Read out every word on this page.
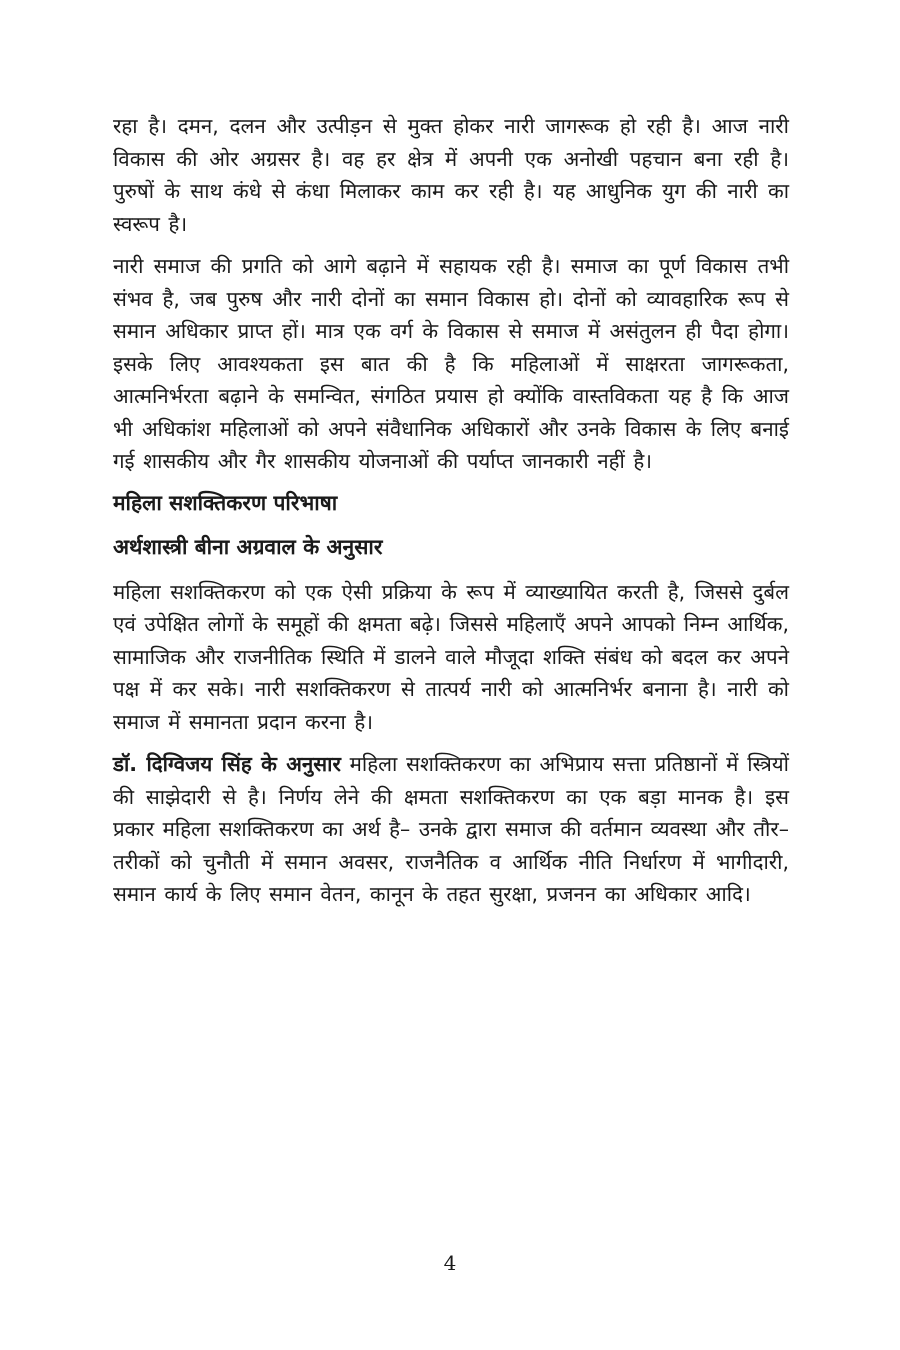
रहा है। दमन, दलन और उत्पीड़न से मुक्त होकर नारी जागरूक हो रही है। आज नारी विकास की ओर अग्रसर है। वह हर क्षेत्र में अपनी एक अनोखी पहचान बना रही है। पुरुषों के साथ कंधे से कंधा मिलाकर काम कर रही है। यह आधुनिक युग की नारी का स्वरूप है।

नारी समाज की प्रगति को आगे बढ़ाने में सहायक रही है। समाज का पूर्ण विकास तभी संभव है, जब पुरुष और नारी दोनों का समान विकास हो। दोनों को व्यावहारिक रूप से समान अधिकार प्राप्त हों। मात्र एक वर्ग के विकास से समाज में असंतुलन ही पैदा होगा। इसके लिए आवश्यकता इस बात की है कि महिलाओं में साक्षरता जागरूकता, आत्मनिर्भरता बढ़ाने के समन्वित, संगठित प्रयास हो क्योंकि वास्तविकता यह है कि आज भी अधिकांश महिलाओं को अपने संवैधानिक अधिकारों और उनके विकास के लिए बनाई गई शासकीय और गैर शासकीय योजनाओं की पर्याप्त जानकारी नहीं है।

महिला सशक्तिकरण परिभाषा
अर्थशास्त्री बीना अग्रवाल के अनुसार

महिला सशक्तिकरण को एक ऐसी प्रक्रिया के रूप में व्याख्यायित करती है, जिससे दुर्बल एवं उपेक्षित लोगों के समूहों की क्षमता बढ़े। जिससे महिलाएँ अपने आपको निम्न आर्थिक, सामाजिक और राजनीतिक स्थिति में डालने वाले मौजूदा शक्ति संबंध को बदल कर अपने पक्ष में कर सके। नारी सशक्तिकरण से तात्पर्य नारी को आत्मनिर्भर बनाना है। नारी को समाज में समानता प्रदान करना है।

डॉ. दिग्विजय सिंह के अनुसार महिला सशक्तिकरण का अभिप्राय सत्ता प्रतिष्ठानों में स्त्रियों की साझेदारी से है। निर्णय लेने की क्षमता सशक्तिकरण का एक बड़ा मानक है। इस प्रकार महिला सशक्तिकरण का अर्थ है– उनके द्वारा समाज की वर्तमान व्यवस्था और तौर–तरीकों को चुनौती में समान अवसर, राजनैतिक व आर्थिक नीति निर्धारण में भागीदारी, समान कार्य के लिए समान वेतन, कानून के तहत सुरक्षा, प्रजनन का अधिकार आदि।

4
